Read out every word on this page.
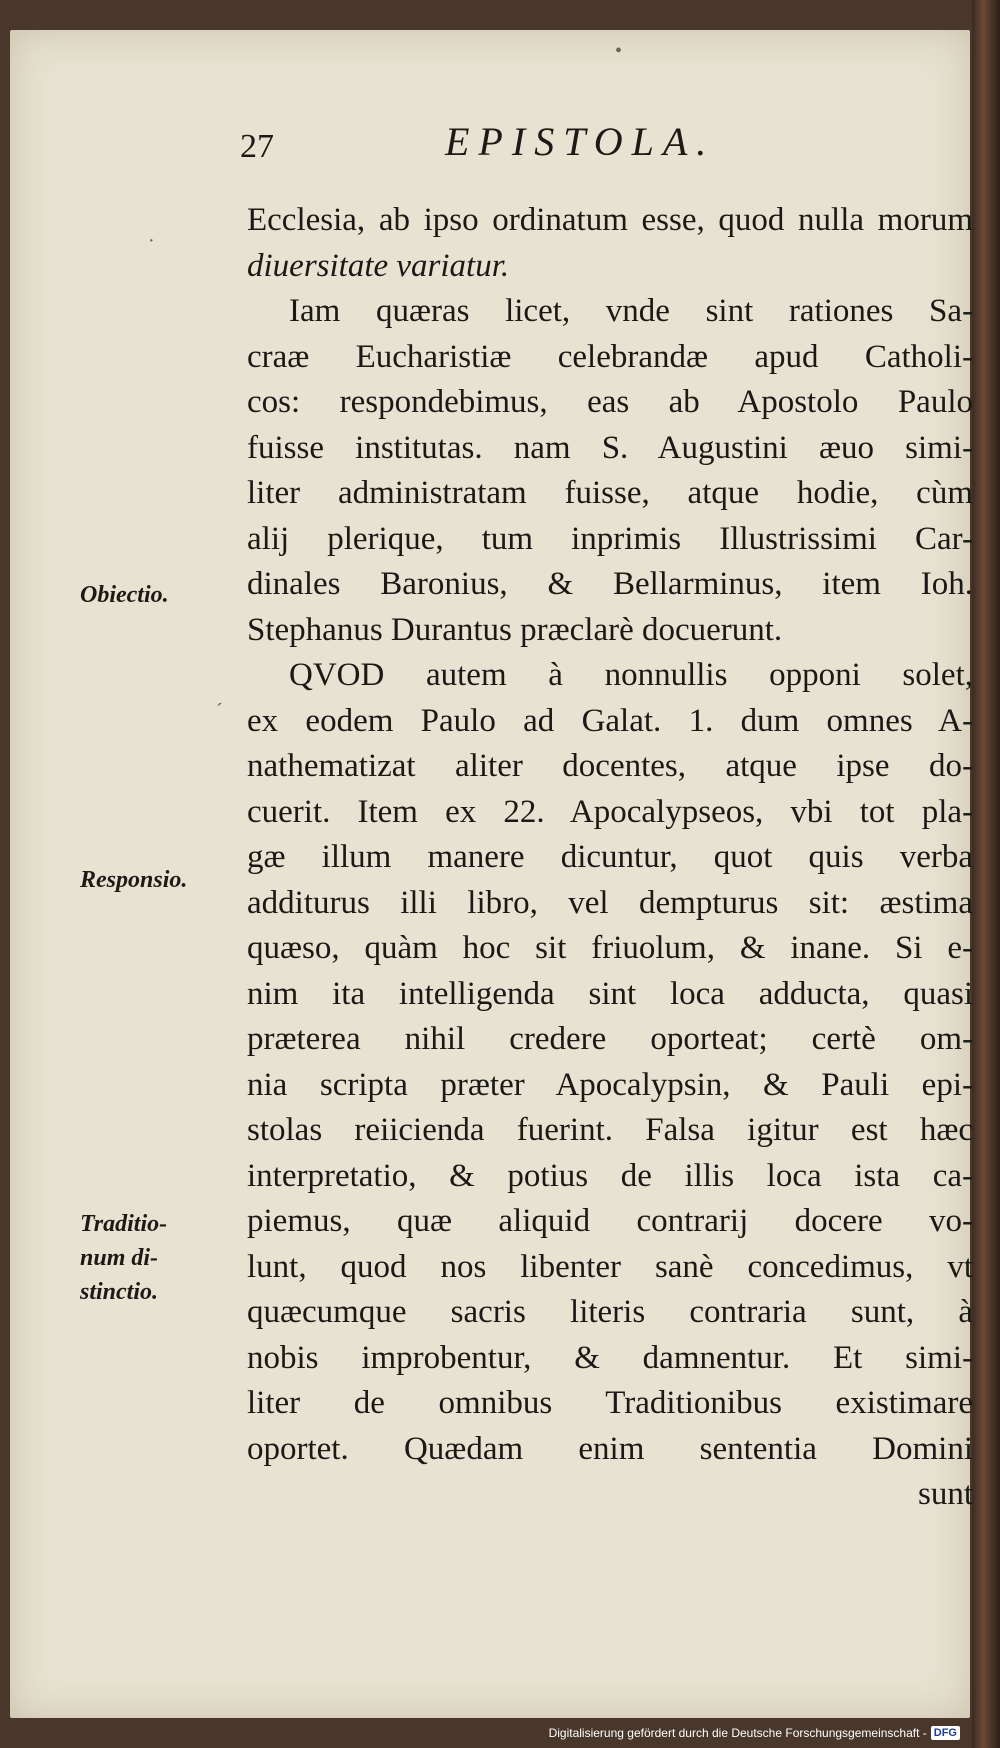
27	EPISTOLA.
·
´
•
Obiectio.
Responsio.
Traditio-
num di-
stinctio.
Ecclesia, ab ipso ordinatum esse, quod nulla morum
diuersitate variatur.
Iam quæras licet, vnde sint rationes Sa-
craæ Eucharistiæ celebrandæ apud Catholi-
cos: respondebimus, eas ab Apostolo Paulo
fuisse institutas. nam S. Augustini æuo simi-
liter administratam fuisse, atque hodie, cùm
alij plerique, tum inprimis Illustrissimi Car-
dinales Baronius, & Bellarminus, item Ioh.
Stephanus Durantus præclarè docuerunt.
QVOD autem à nonnullis opponi solet,
ex eodem Paulo ad Galat. 1. dum omnes A-
nathematizat aliter docentes, atque ipse do-
cuerit. Item ex 22. Apocalypseos, vbi tot pla-
gæ illum manere dicuntur, quot quis verba
additurus illi libro, vel dempturus sit: æstima
quæso, quàm hoc sit friuolum, & inane. Si e-
nim ita intelligenda sint loca adducta, quasi
præterea nihil credere oporteat; certè om-
nia scripta præter Apocalypsin, & Pauli epi-
stolas reiicienda fuerint. Falsa igitur est hæc
interpretatio, & potius de illis loca ista ca-
piemus, quæ aliquid contrarij docere vo-
lunt, quod nos libenter sanè concedimus, vt
quæcumque sacris literis contraria sunt, à
nobis improbentur, & damnentur. Et simi-
liter de omnibus Traditionibus existimare
oportet. Quædam enim sententia Domini
sunt
Digitalisierung gefördert durch die Deutsche Forschungsgemeinschaft - DFG
